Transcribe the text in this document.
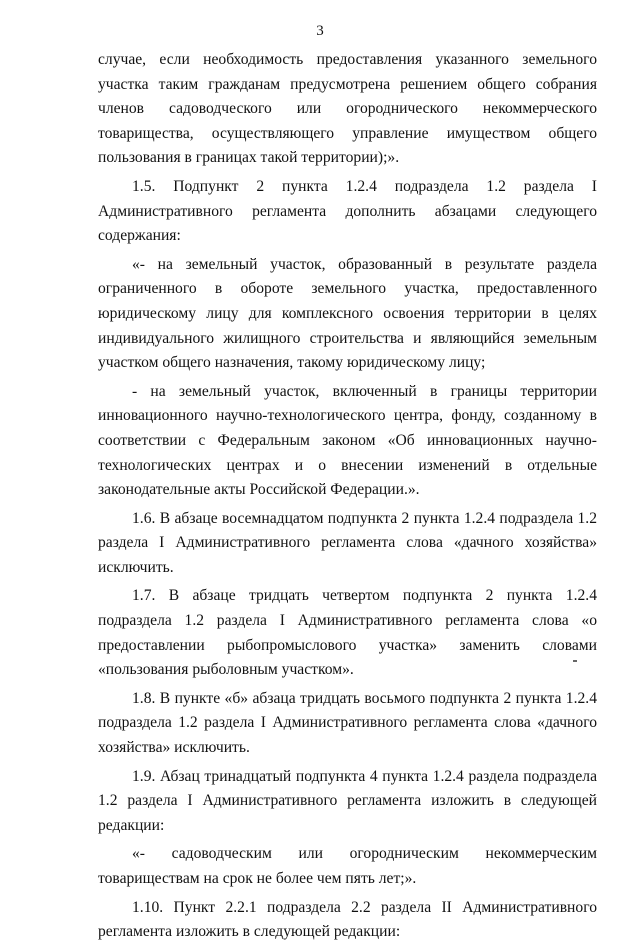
3

случае, если необходимость предоставления указанного земельного участка таким гражданам предусмотрена решением общего собрания членов садоводческого или огороднического некоммерческого товарищества, осуществляющего управление имуществом общего пользования в границах такой территории);».

1.5. Подпункт 2 пункта 1.2.4 подраздела 1.2 раздела I Административного регламента дополнить абзацами следующего содержания:

«- на земельный участок, образованный в результате раздела ограниченного в обороте земельного участка, предоставленного юридическому лицу для комплексного освоения территории в целях индивидуального жилищного строительства и являющийся земельным участком общего назначения, такому юридическому лицу;

- на земельный участок, включенный в границы территории инновационного научно-технологического центра, фонду, созданному в соответствии с Федеральным законом «Об инновационных научно-технологических центрах и о внесении изменений в отдельные законодательные акты Российской Федерации.».

1.6. В абзаце восемнадцатом подпункта 2 пункта 1.2.4 подраздела 1.2 раздела I Административного регламента слова «дачного хозяйства» исключить.

1.7. В абзаце тридцать четвертом подпункта 2 пункта 1.2.4 подраздела 1.2 раздела I Административного регламента слова «о предоставлении рыбопромыслового участка» заменить словами «пользования рыболовным участком».

1.8. В пункте «б» абзаца тридцать восьмого подпункта 2 пункта 1.2.4 подраздела 1.2 раздела I Административного регламента слова «дачного хозяйства» исключить.

1.9. Абзац тринадцатый подпункта 4 пункта 1.2.4 раздела подраздела 1.2 раздела I Административного регламента изложить в следующей редакции:

«- садоводческим или огородническим некоммерческим товариществам на срок не более чем пять лет;».

1.10. Пункт 2.2.1 подраздела 2.2 раздела II Административного регламента изложить в следующей редакции:
